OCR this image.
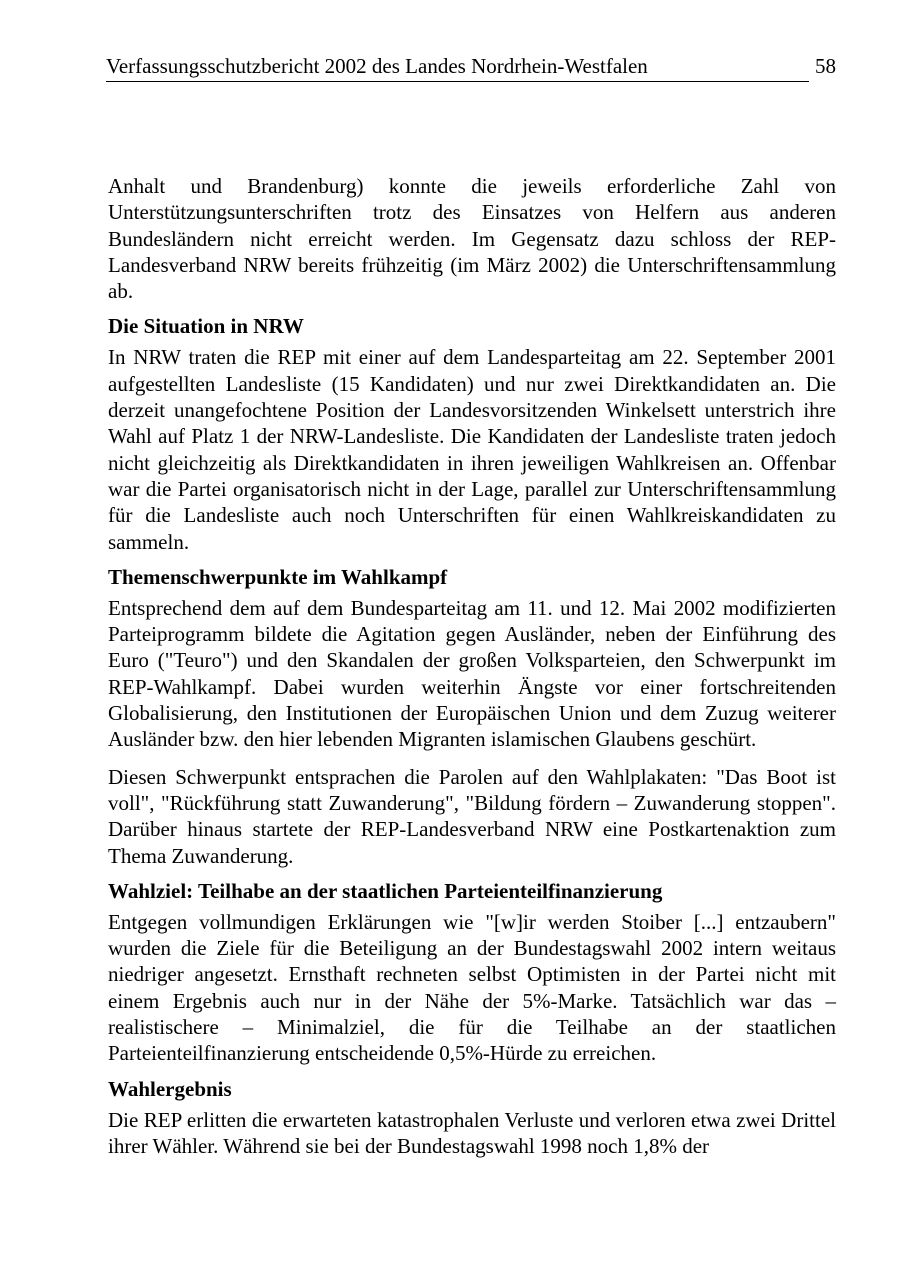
Verfassungsschutzbericht 2002 des Landes Nordrhein-Westfalen	58

Anhalt und Brandenburg) konnte die jeweils erforderliche Zahl von Unterstützungsunterschriften trotz des Einsatzes von Helfern aus anderen Bundesländern nicht erreicht werden. Im Gegensatz dazu schloss der REP-Landesverband NRW bereits frühzeitig (im März 2002) die Unterschriftensammlung ab.

Die Situation in NRW

In NRW traten die REP mit einer auf dem Landesparteitag am 22. September 2001 aufgestellten Landesliste (15 Kandidaten) und nur zwei Direktkandidaten an. Die derzeit unangefochtene Position der Landesvorsitzenden Winkelsett unterstrich ihre Wahl auf Platz 1 der NRW-Landesliste. Die Kandidaten der Landesliste traten jedoch nicht gleichzeitig als Direktkandidaten in ihren jeweiligen Wahlkreisen an. Offenbar war die Partei organisatorisch nicht in der Lage, parallel zur Unterschriftensammlung für die Landesliste auch noch Unterschriften für einen Wahlkreiskandidaten zu sammeln.

Themenschwerpunkte im Wahlkampf

Entsprechend dem auf dem Bundesparteitag am 11. und 12. Mai 2002 modifizierten Parteiprogramm bildete die Agitation gegen Ausländer, neben der Einführung des Euro ("Teuro") und den Skandalen der großen Volksparteien, den Schwerpunkt im REP-Wahlkampf. Dabei wurden weiterhin Ängste vor einer fortschreitenden Globalisierung, den Institutionen der Europäischen Union und dem Zuzug weiterer Ausländer bzw. den hier lebenden Migranten islamischen Glaubens geschürt.

Diesen Schwerpunkt entsprachen die Parolen auf den Wahlplakaten: "Das Boot ist voll", "Rückführung statt Zuwanderung", "Bildung fördern – Zuwanderung stoppen". Darüber hinaus startete der REP-Landesverband NRW eine Postkartenaktion zum Thema Zuwanderung.

Wahlziel: Teilhabe an der staatlichen Parteienteilfinanzierung

Entgegen vollmundigen Erklärungen wie "[w]ir werden Stoiber [...] entzaubern" wurden die Ziele für die Beteiligung an der Bundestagswahl 2002 intern weitaus niedriger angesetzt. Ernsthaft rechneten selbst Optimisten in der Partei nicht mit einem Ergebnis auch nur in der Nähe der 5%-Marke. Tatsächlich war das – realistischere – Minimalziel, die für die Teilhabe an der staatlichen Parteienteilfinanzierung entscheidende 0,5%-Hürde zu erreichen.

Wahlergebnis

Die REP erlitten die erwarteten katastrophalen Verluste und verloren etwa zwei Drittel ihrer Wähler. Während sie bei der Bundestagswahl 1998 noch 1,8% der
